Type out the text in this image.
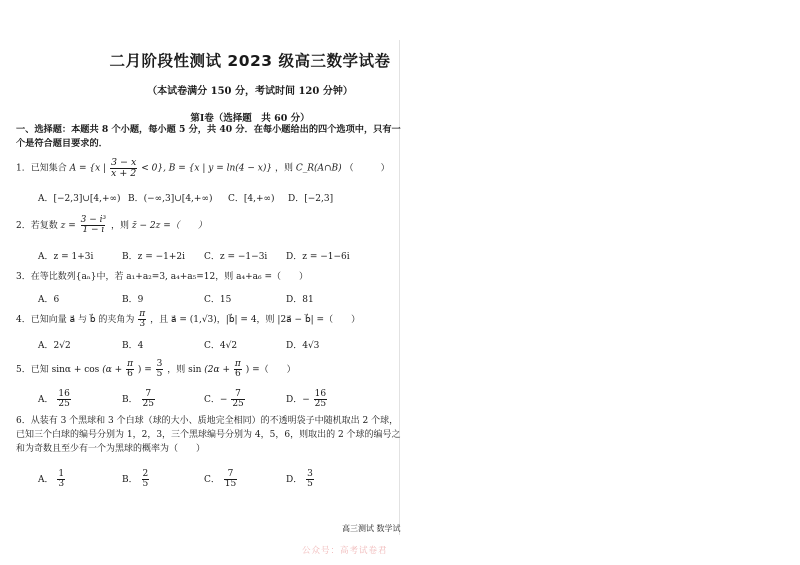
二月阶段性测试 2023 级高三数学试卷
（本试卷满分 150 分，考试时间 120 分钟）
第Ⅰ卷（选择题　共 60 分）
一、选择题：本题共 8 个小题，每小题 5 分，共 40 分．在每小题给出的四个选项中，只有一个是符合题目要求的．
1．已知集合 A = {x | $\frac{3 - x}{x + 2} < 0$}, B = {x | y = ln(4 − x)} ，则 C_R(A∩B) （　　　）
A．[−2,3]∪[4,+∞) B．(−∞,3]∪[4,+∞) C．[4,+∞) D．[−2,3]
2．若复数 $z = \frac{\text{3 − i³}}{1 - i}$ ，则 z̄ − 2z =（　　）
A．z = 1+3i	B．z = −1+2i C．z = −1−3i D．z = −1−6i
3．在等比数列{aₙ}中，若 a₁+a₂=3, a₄+a₅=12，则 a₄+a₆ =（　　）
A．6	B．9	C．15	D．81
4．已知向量 a⃗ 与 b⃗ 的夹角为 $\frac{\pi}{3}$ ，且 a⃗ = (1,√3)，|b⃗| = 4，则 |2a⃗ − b⃗| =（　　）
A．2√2	B．4	C．4√2	D．4√3
5．已知 $\sin\alpha + \cos (\alpha + \frac{\pi}{6}$ ) = $\frac{3}{5}$ ，则 $\sin (2\alpha + \frac{\pi}{6}$ ) =（　　）
A． $\frac{16}{25}$	B． $\frac{7}{25}$	C．− $\frac{7}{25}$	D．− $\frac{16}{25}$
6．从装有 3 个黑球和 3 个白球（球的大小、质地完全相同）的不透明袋子中随机取出 2 个球，已知三个白球的编号分别为 1，2，3，三个黑球编号分别为 4，5，6，则取出的 2 个球的编号之和为奇数且至少有一个为黑球的概率为（　　）
A． $\frac{1}{3}$	B． $\frac{2}{5}$	C． $\frac{7}{15}$	D． $\frac{3}{5}$
高三测试 数学试
公众号：高考试卷君
